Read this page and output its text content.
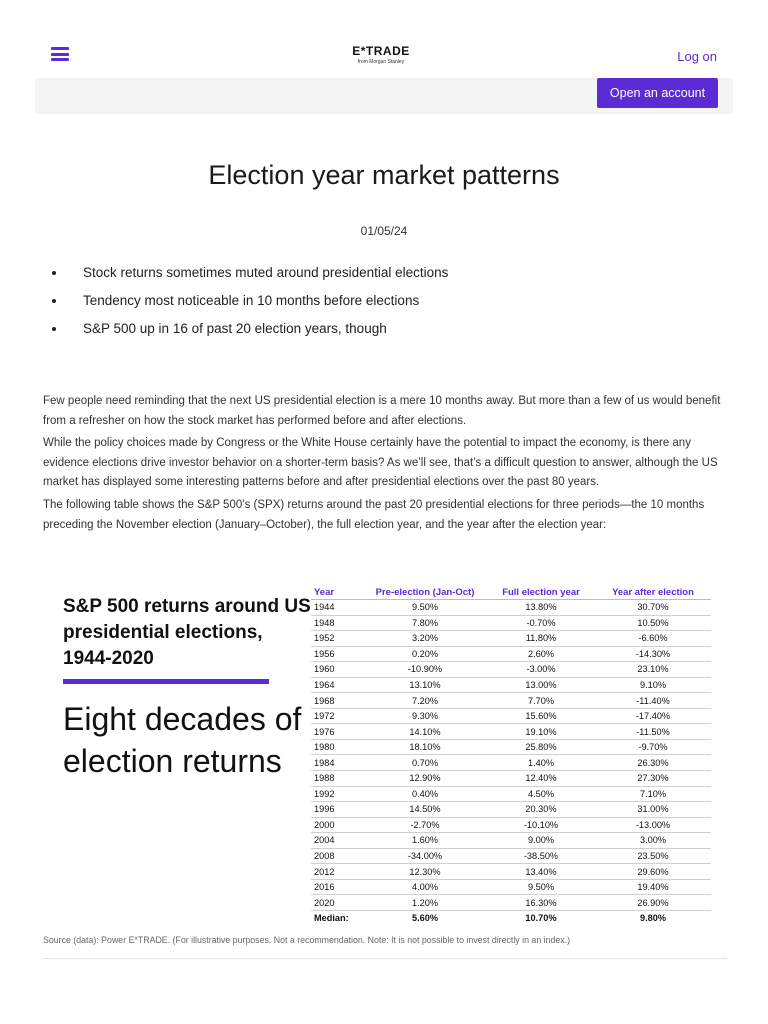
E*TRADE
from Morgan Stanley	Log on
Open an account
Election year market patterns
01/05/24
Stock returns sometimes muted around presidential elections
Tendency most noticeable in 10 months before elections
S&P 500 up in 16 of past 20 election years, though

Few people need reminding that the next US presidential election is a mere 10 months away. But more than a few of us would benefit from a refresher on how the stock market has performed before and after elections.

While the policy choices made by Congress or the White House certainly have the potential to impact the economy, is there any evidence elections drive investor behavior on a shorter-term basis? As we’ll see, that’s a difficult question to answer, although the US market has displayed some interesting patterns before and after presidential elections over the past 80 years.

The following table shows the S&P 500’s (SPX) returns around the past 20 presidential elections for three periods—the 10 months preceding the November election (January–October), the full election year, and the year after the election year:

S&P 500 returns around US presidential elections, 1944-2020
Eight decades of election returns
Year	Pre-election (Jan-Oct)	Full election year	Year after election
1944	9.50%	13.80%	30.70%
1948	7.80%	-0.70%	10.50%
1952	3.20%	11.80%	-6.60%
1956	0.20%	2.60%	-14.30%
1960	-10.90%	-3.00%	23.10%
1964	13.10%	13.00%	9.10%
1968	7.20%	7.70%	-11.40%
1972	9.30%	15.60%	-17.40%
1976	14.10%	19.10%	-11.50%
1980	18.10%	25.80%	-9.70%
1984	0.70%	1.40%	26.30%
1988	12.90%	12.40%	27.30%
1992	0.40%	4.50%	7.10%
1996	14.50%	20.30%	31.00%
2000	-2.70%	-10.10%	-13.00%
2004	1.60%	9.00%	3.00%
2008	-34.00%	-38.50%	23.50%
2012	12.30%	13.40%	29.60%
2016	4.00%	9.50%	19.40%
2020	1.20%	16.30%	26.90%
Median:	5.60%	10.70%	9.80%

Source (data): Power E*TRADE. (For illustrative purposes. Not a recommendation. Note: It is not possible to invest directly in an index.)
